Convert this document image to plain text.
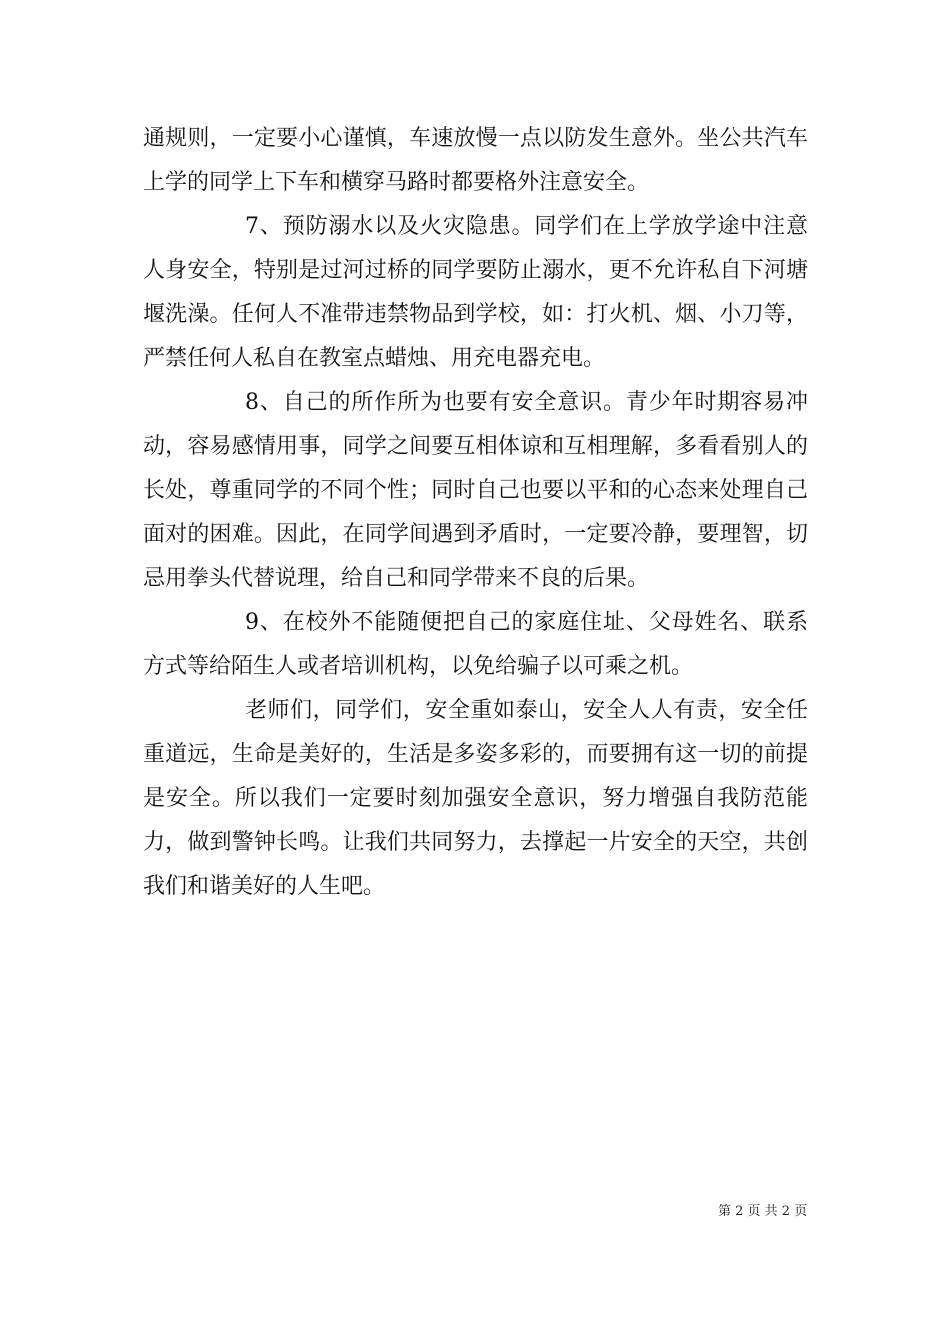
通规则，一定要小心谨慎，车速放慢一点以防发生意外。坐公共汽车上学的同学上下车和横穿马路时都要格外注意安全。

7、预防溺水以及火灾隐患。同学们在上学放学途中注意人身安全，特别是过河过桥的同学要防止溺水，更不允许私自下河塘堰洗澡。任何人不准带违禁物品到学校，如：打火机、烟、小刀等，严禁任何人私自在教室点蜡烛、用充电器充电。

8、自己的所作所为也要有安全意识。青少年时期容易冲动，容易感情用事，同学之间要互相体谅和互相理解，多看看别人的长处，尊重同学的不同个性；同时自己也要以平和的心态来处理自己面对的困难。因此，在同学间遇到矛盾时，一定要冷静，要理智，切忌用拳头代替说理，给自己和同学带来不良的后果。

9、在校外不能随便把自己的家庭住址、父母姓名、联系方式等给陌生人或者培训机构，以免给骗子以可乘之机。

老师们，同学们，安全重如泰山，安全人人有责，安全任重道远，生命是美好的，生活是多姿多彩的，而要拥有这一切的前提是安全。所以我们一定要时刻加强安全意识，努力增强自我防范能力，做到警钟长鸣。让我们共同努力，去撑起一片安全的天空，共创我们和谐美好的人生吧。

第 2 页 共 2 页
